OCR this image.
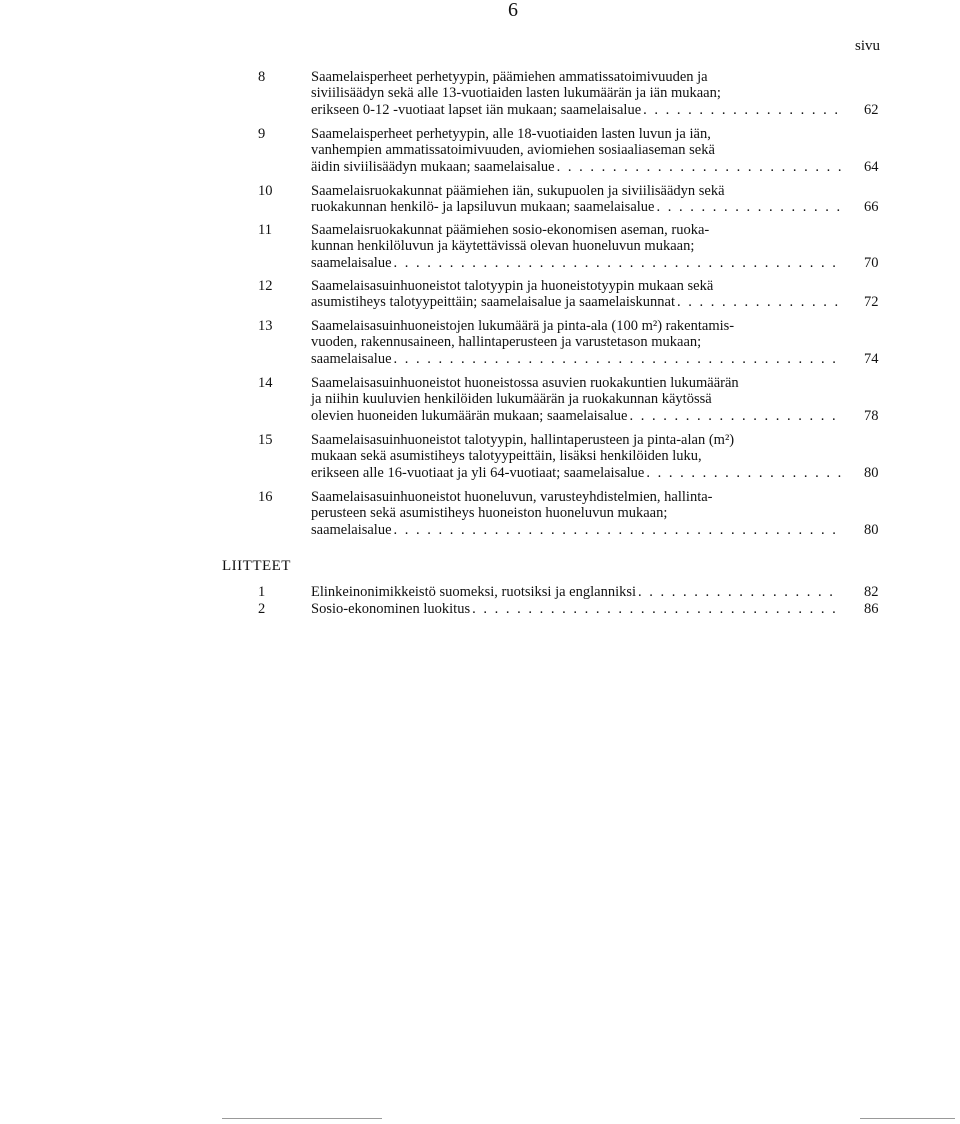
6
sivu
8	Saamelaisperheet perhetyypin, päämiehen ammatissatoimivuuden ja
siviilisäädyn sekä alle 13-vuotiaiden lasten lukumäärän ja iän mukaan;
erikseen 0-12 -vuotiaat lapset iän mukaan; saamelaisalue . . .	62
9	Saamelaisperheet perhetyypin, alle 18-vuotiaiden lasten luvun ja iän,
vanhempien ammatissatoimivuuden, aviomiehen sosiaaliaseman sekä
äidin siviilisäädyn mukaan; saamelaisalue . . .	64
10	Saamelaisruokakunnat päämiehen iän, sukupuolen ja siviilisäädyn sekä
ruokakunnan henkilö- ja lapsiluvun mukaan; saamelaisalue . . .	66
11	Saamelaisruokakunnat päämiehen sosio-ekonomisen aseman, ruoka-
kunnan henkilöluvun ja käytettävissä olevan huoneluvun mukaan;
saamelaisalue . . .	70
12	Saamelaisasuinhuoneistot talotyypin ja huoneistotyypin mukaan sekä
asumistiheys talotyypeittäin; saamelaisalue ja saamelaiskunnat . . .	72
13	Saamelaisasuinhuoneistojen lukumäärä ja pinta-ala (100 m²) rakentamis-
vuoden, rakennusaineen, hallintaperusteen ja varustetason mukaan;
saamelaisalue . . .	74
14	Saamelaisasuinhuoneistot huoneistossa asuvien ruokakuntien lukumäärän
ja niihin kuuluvien henkilöiden lukumäärän ja ruokakunnan käytössä
olevien huoneiden lukumäärän mukaan; saamelaisalue . . .	78
15	Saamelaisasuinhuoneistot talotyypin, hallintaperusteen ja pinta-alan (m²)
mukaan sekä asumistiheys talotyypeittäin, lisäksi henkilöiden luku,
erikseen alle 16-vuotiaat ja yli 64-vuotiaat; saamelaisalue . . .	80
16	Saamelaisasuinhuoneistot huoneluvun, varusteyhdistelmien, hallinta-
perusteen sekä asumistiheys huoneiston huoneluvun mukaan;
saamelaisalue . . .	80
LIITTEET
1	Elinkeinonimikkeistö suomeksi, ruotsiksi ja englanniksi . . .	82
2	Sosio-ekonominen luokitus . . .	86
